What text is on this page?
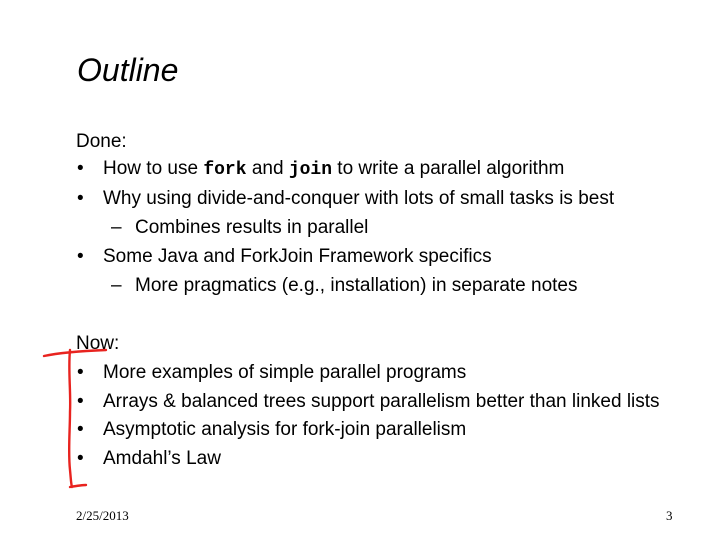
Outline
Done:
• How to use fork and join to write a parallel algorithm
• Why using divide-and-conquer with lots of small tasks is best
– Combines results in parallel
• Some Java and ForkJoin Framework specifics
– More pragmatics (e.g., installation) in separate notes
Now:
• More examples of simple parallel programs
• Arrays & balanced trees support parallelism better than linked lists
• Asymptotic analysis for fork-join parallelism
• Amdahl’s Law
2/25/2013	3
